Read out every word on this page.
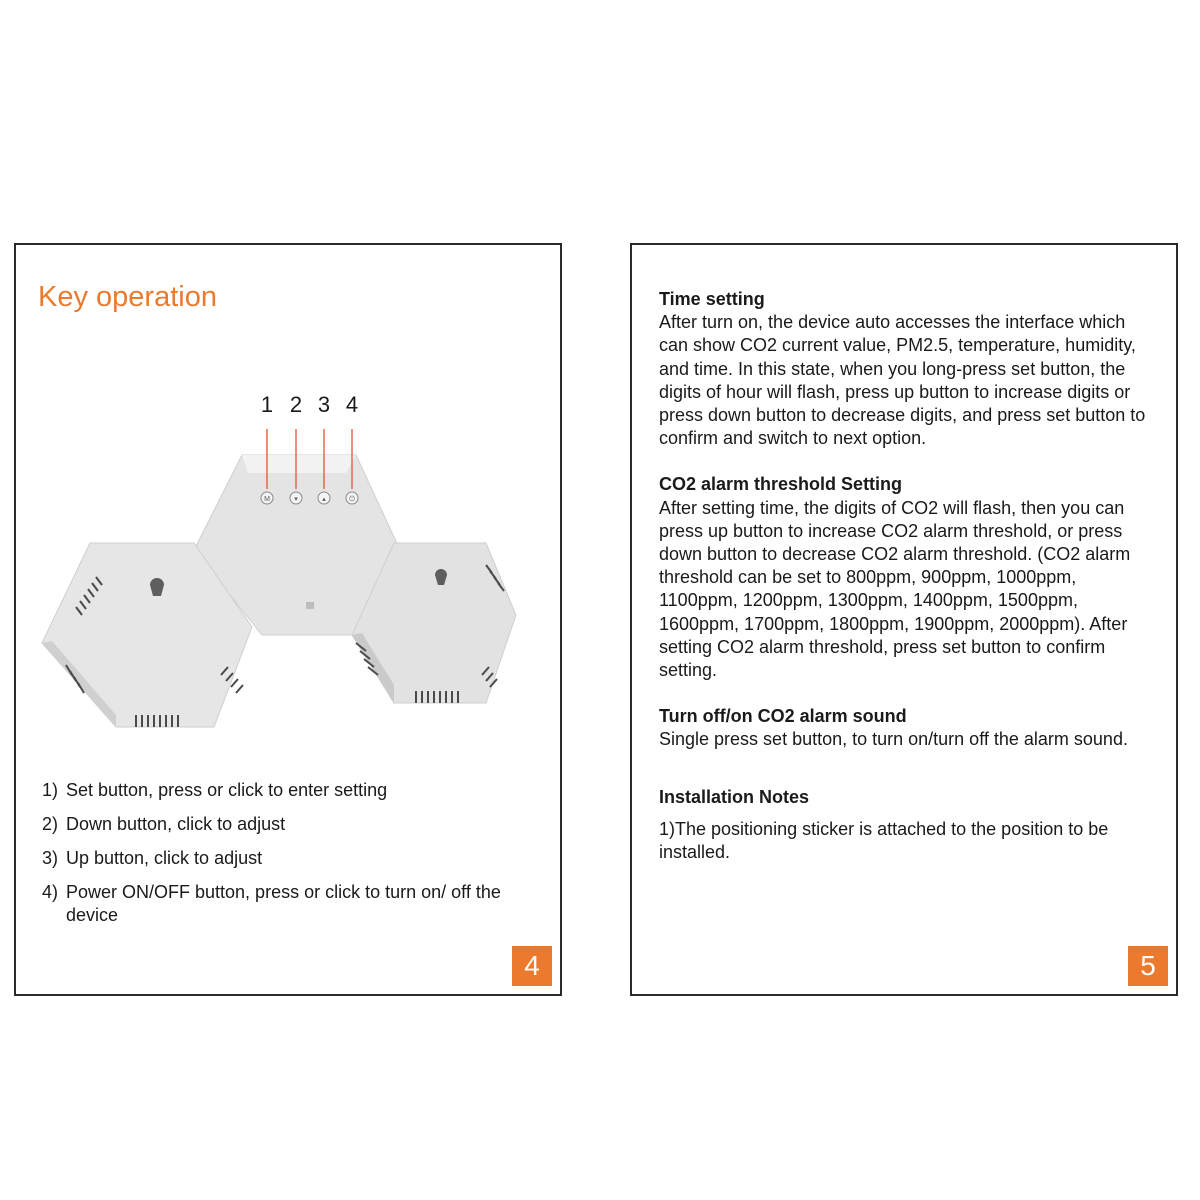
Key operation
1 2 3 4
M	▾	▴	⏻
1) Set button, press or click to enter setting
2) Down button, click to adjust
3) Up button, click to adjust
4) Power ON/OFF button, press or click to turn on/ off the device
4
Time setting

After turn on, the device auto accesses the interface which can show CO2 current value, PM2.5, temperature, humidity, and time. In this state, when you long-press set button, the digits of hour will flash, press up button to increase digits or press down button to decrease digits, and press set button to confirm and switch to next option.

CO2 alarm threshold Setting

After setting time, the digits of CO2 will flash, then you can press up button to increase CO2 alarm threshold, or press down button to decrease CO2 alarm threshold. (CO2 alarm threshold can be set to 800ppm, 900ppm, 1000ppm, 1100ppm, 1200ppm, 1300ppm, 1400ppm, 1500ppm, 1600ppm, 1700ppm, 1800ppm, 1900ppm, 2000ppm). After setting CO2 alarm threshold, press set button to confirm setting.

Turn off/on CO2 alarm sound

Single press set button, to turn on/turn off the alarm sound.

Installation Notes

1)The positioning sticker is attached to the position to be installed.

5
